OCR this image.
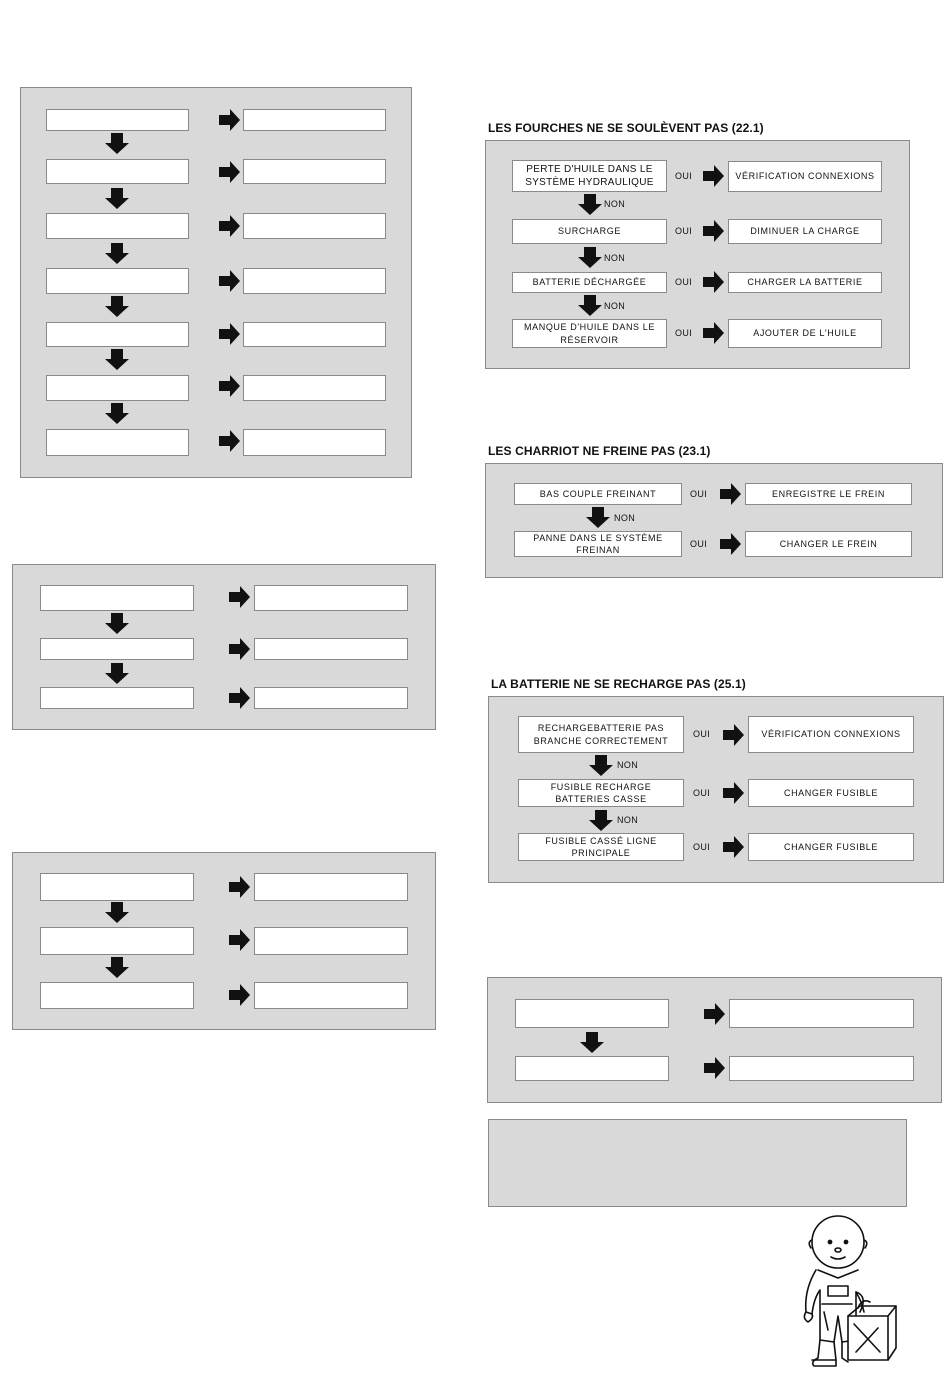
LES FOURCHES NE SE SOULÈVENT PAS (22.1)
PERTE D'HUILE DANS LE SYSTÈME HYDRAULIQUE
OUI	VÉRIFICATION CONNEXIONS
NON
SURCHARGE	OUI	DIMINUER LA CHARGE
NON
BATTERIE DÉCHARGÉE	OUI	CHARGER LA BATTERIE
NON
MANQUE D'HUILE DANS LE RÉSERVOIR
OUI	AJOUTER DE L'HUILE
LES CHARRIOT NE FREINE PAS (23.1)
BAS COUPLE FREINANT	OUI	ENREGISTRE LE FREIN
NON
PANNE DANS LE SYSTÈME FREINAN
OUI	CHANGER LE FREIN
LA BATTERIE NE SE RECHARGE PAS (25.1)
RECHARGEBATTERIE PAS BRANCHE CORRECTEMENT
OUI	VÉRIFICATION CONNEXIONS
NON
FUSIBLE RECHARGE BATTERIES CASSE
OUI	CHANGER FUSIBLE
NON
FUSIBLE CASSÉ LIGNE PRINCIPALE
OUI	CHANGER FUSIBLE
